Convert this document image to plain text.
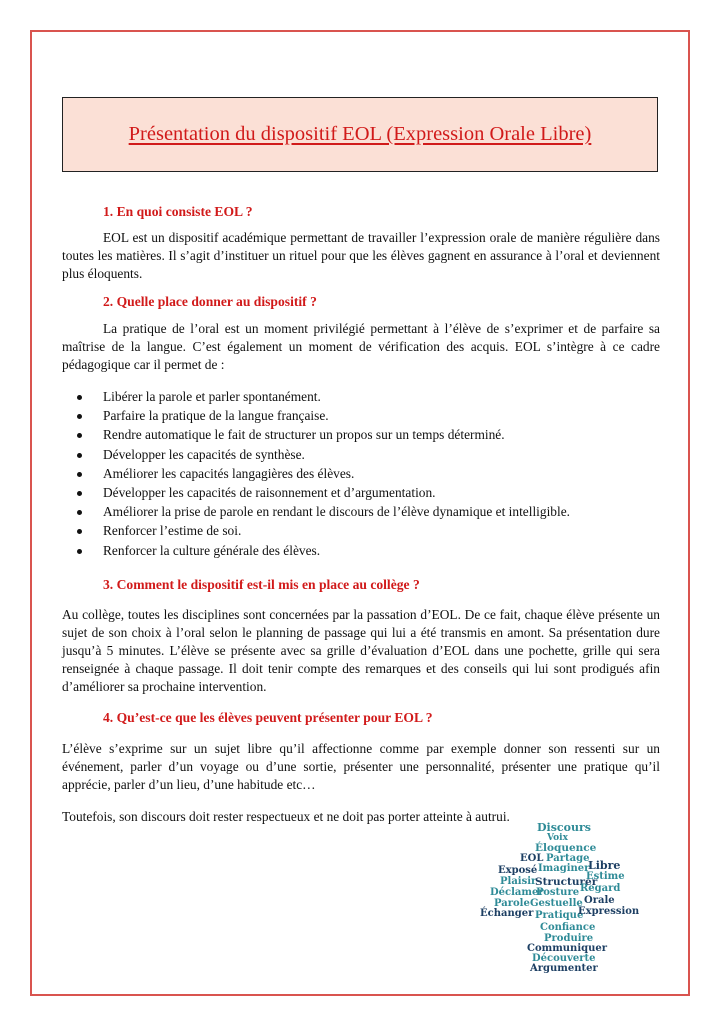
Présentation du dispositif EOL (Expression Orale Libre)
1. En quoi consiste EOL ?

EOL est un dispositif académique permettant de travailler l’expression orale de manière régulière dans toutes les matières. Il s’agit d’instituer un rituel pour que les élèves gagnent en assurance à l’oral et deviennent plus éloquents.

2. Quelle place donner au dispositif ?

La pratique de l’oral est un moment privilégié permettant à l’élève de s’exprimer et de parfaire sa maîtrise de la langue. C’est également un moment de vérification des acquis. EOL s’intègre à ce cadre pédagogique car il permet de :

Libérer la parole et parler spontanément.
Parfaire la pratique de la langue française.
Rendre automatique le fait de structurer un propos sur un temps déterminé.
Développer les capacités de synthèse.
Améliorer les capacités langagières des élèves.
Développer les capacités de raisonnement et d’argumentation.
Améliorer la prise de parole en rendant le discours de l’élève dynamique et intelligible.
Renforcer l’estime de soi.
Renforcer la culture générale des élèves.
3. Comment le dispositif est-il mis en place au collège ?

Au collège, toutes les disciplines sont concernées par la passation d’EOL. De ce fait, chaque élève présente un sujet de son choix à l’oral selon le planning de passage qui lui a été transmis en amont. Sa présentation dure jusqu’à 5 minutes. L’élève se présente avec sa grille d’évaluation d’EOL dans une pochette, grille qui sera renseignée à chaque passage. Il doit tenir compte des remarques et des conseils qui lui sont prodigués afin d’améliorer sa prochaine intervention.

4. Qu’est-ce que les élèves peuvent présenter pour EOL ?

L’élève s’exprime sur un sujet libre qu’il affectionne comme par exemple donner son ressenti sur un événement, parler d’un voyage ou d’une sortie, présenter une personnalité, présenter une pratique qu’il apprécie, parler d’un lieu, d’une habitude etc…

Toutefois, son discours doit rester respectueux et ne doit pas porter atteinte à autrui.

Discours
Voix
Éloquence
EOL Partage
Libre
Imaginer
Exposé
Estime
Plaisir
Structurer
Déclamer
Posture Regard
Parole Gestuelle Orale
Échanger Pratique
Expression
Confiance
Produire
Communiquer
Découverte
Argumenter
